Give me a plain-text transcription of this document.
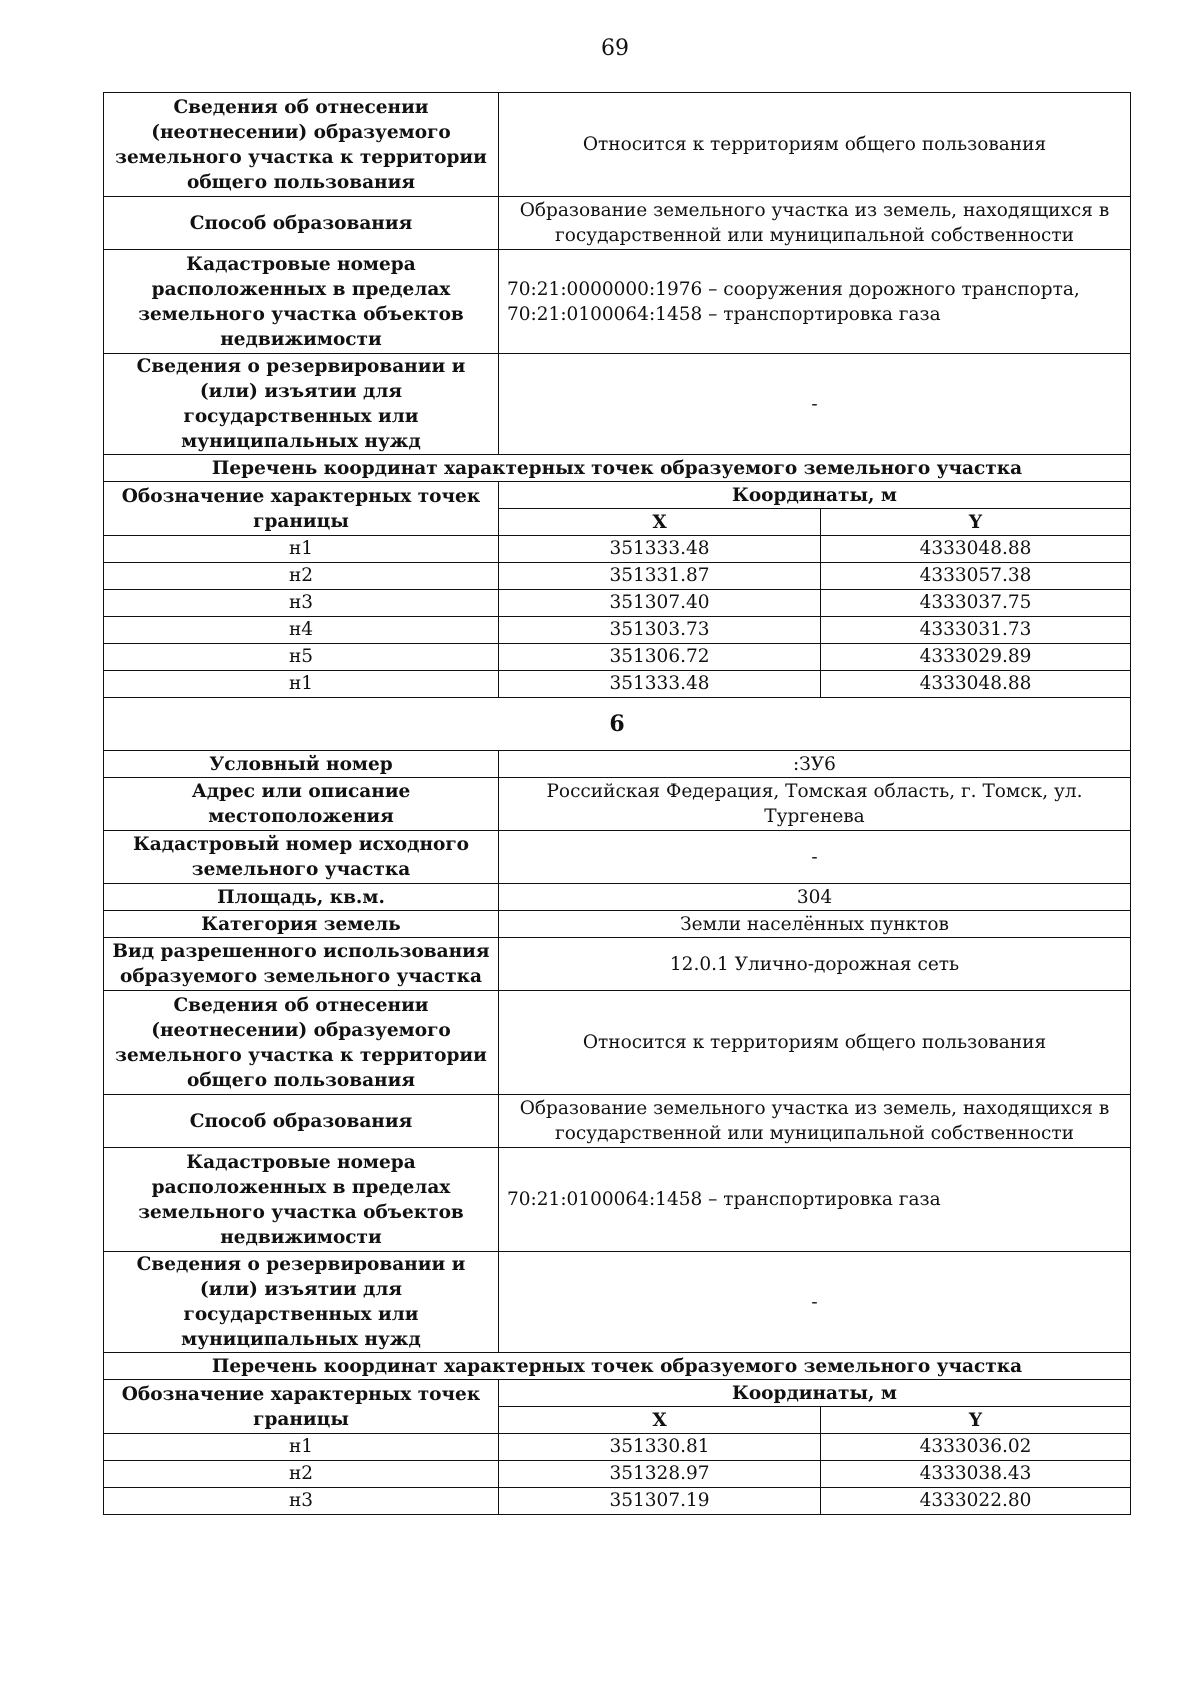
69
Сведения об отнесении (неотнесении) образуемого земельного участка к территории общего пользования	Относится к территориям общего пользования	
Способ образования	Образование земельного участка из земель, находящихся в государственной или муниципальной собственности	
Кадастровые номера расположенных в пределах земельного участка объектов недвижимости	70:21:0000000:1976 – сооружения дорожного транспорта,
70:21:0100064:1458 – транспортировка газа	

Сведения о резервировании и (или) изъятии для государственных или муниципальных нужд	-	
Перечень координат характерных точек образуемого земельного участка		
Обозначение характерных точек границы	Координаты, м	
	X	Y
н1	351333.48	4333048.88
н2	351331.87	4333057.38
н3	351307.40	4333037.75
н4	351303.73	4333031.73
н5	351306.72	4333029.89
н1	351333.48	4333048.88
6		
Условный номер	:ЗУ6	
Адрес или описание местоположения	Российская Федерация, Томская область, г. Томск, ул. Тургенева	
Кадастровый номер исходного земельного участка	-	
Площадь, кв.м.	304	
Категория земель	Земли населённых пунктов	
Вид разрешенного использования образуемого земельного участка	12.0.1 Улично-дорожная сеть	
Сведения об отнесении (неотнесении) образуемого земельного участка к территории общего пользования	Относится к территориям общего пользования	
Способ образования	Образование земельного участка из земель, находящихся в государственной или муниципальной собственности	
Кадастровые номера расположенных в пределах земельного участка объектов недвижимости	70:21:0100064:1458 – транспортировка газа	
Сведения о резервировании и (или) изъятии для государственных или муниципальных нужд	-	
Перечень координат характерных точек образуемого земельного участка		
Обозначение характерных точек границы	Координаты, м	
	X	Y
н1	351330.81	4333036.02
н2	351328.97	4333038.43
н3	351307.19	4333022.80
